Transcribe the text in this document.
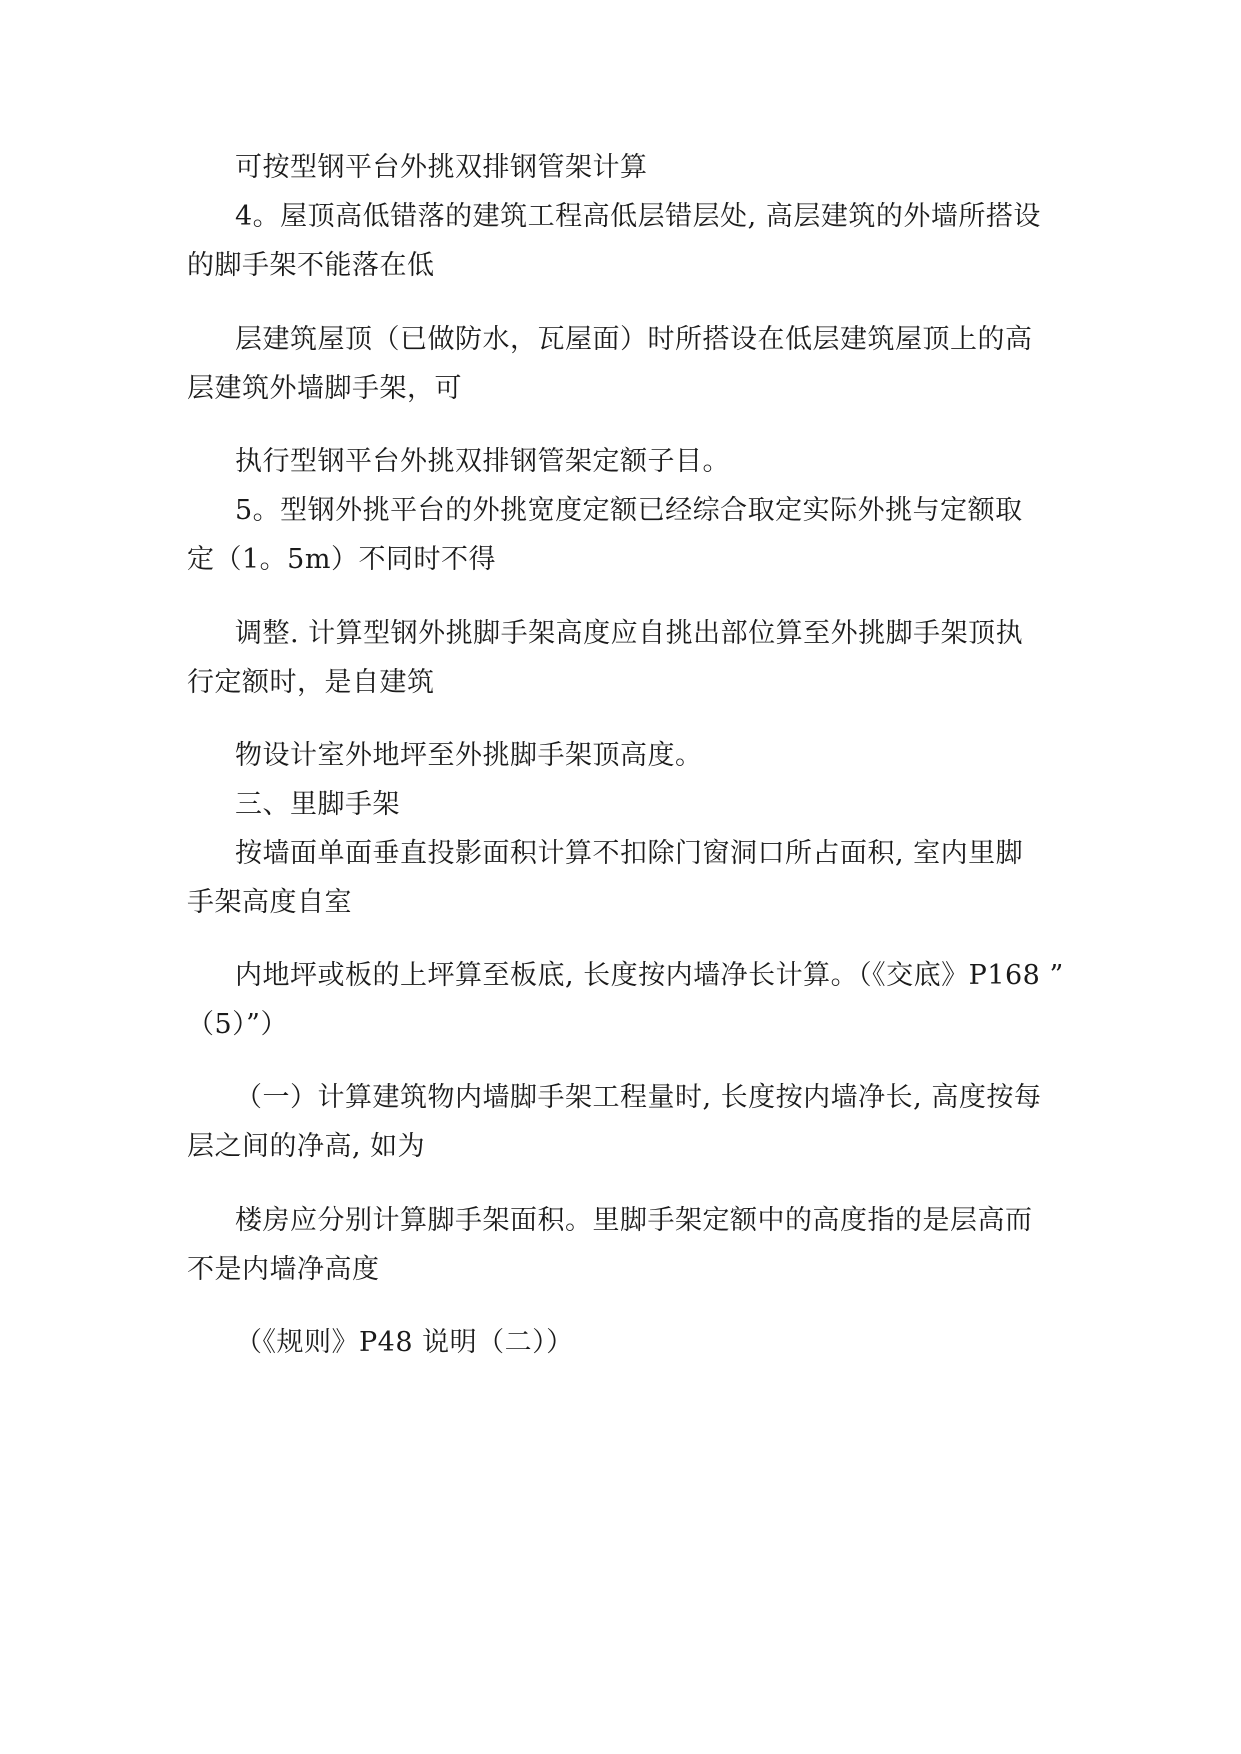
可按型钢平台外挑双排钢管架计算
4。屋顶高低错落的建筑工程高低层错层处, 高层建筑的外墙所搭设
的脚手架不能落在低
层建筑屋顶（已做防水，瓦屋面）时所搭设在低层建筑屋顶上的高
层建筑外墙脚手架，可
执行型钢平台外挑双排钢管架定额子目。
5。型钢外挑平台的外挑宽度定额已经综合取定实际外挑与定额取
定（1。5m）不同时不得
调整. 计算型钢外挑脚手架高度应自挑出部位算至外挑脚手架顶执
行定额时，是自建筑
物设计室外地坪至外挑脚手架顶高度。
三、里脚手架
按墙面单面垂直投影面积计算不扣除门窗洞口所占面积, 室内里脚
手架高度自室
内地坪或板的上坪算至板底, 长度按内墙净长计算。（《交底》P168 ”
（5）”）
（一）计算建筑物内墙脚手架工程量时, 长度按内墙净长, 高度按每
层之间的净高, 如为
楼房应分别计算脚手架面积。里脚手架定额中的高度指的是层高而
不是内墙净高度
（《规则》P48 说明（二））
